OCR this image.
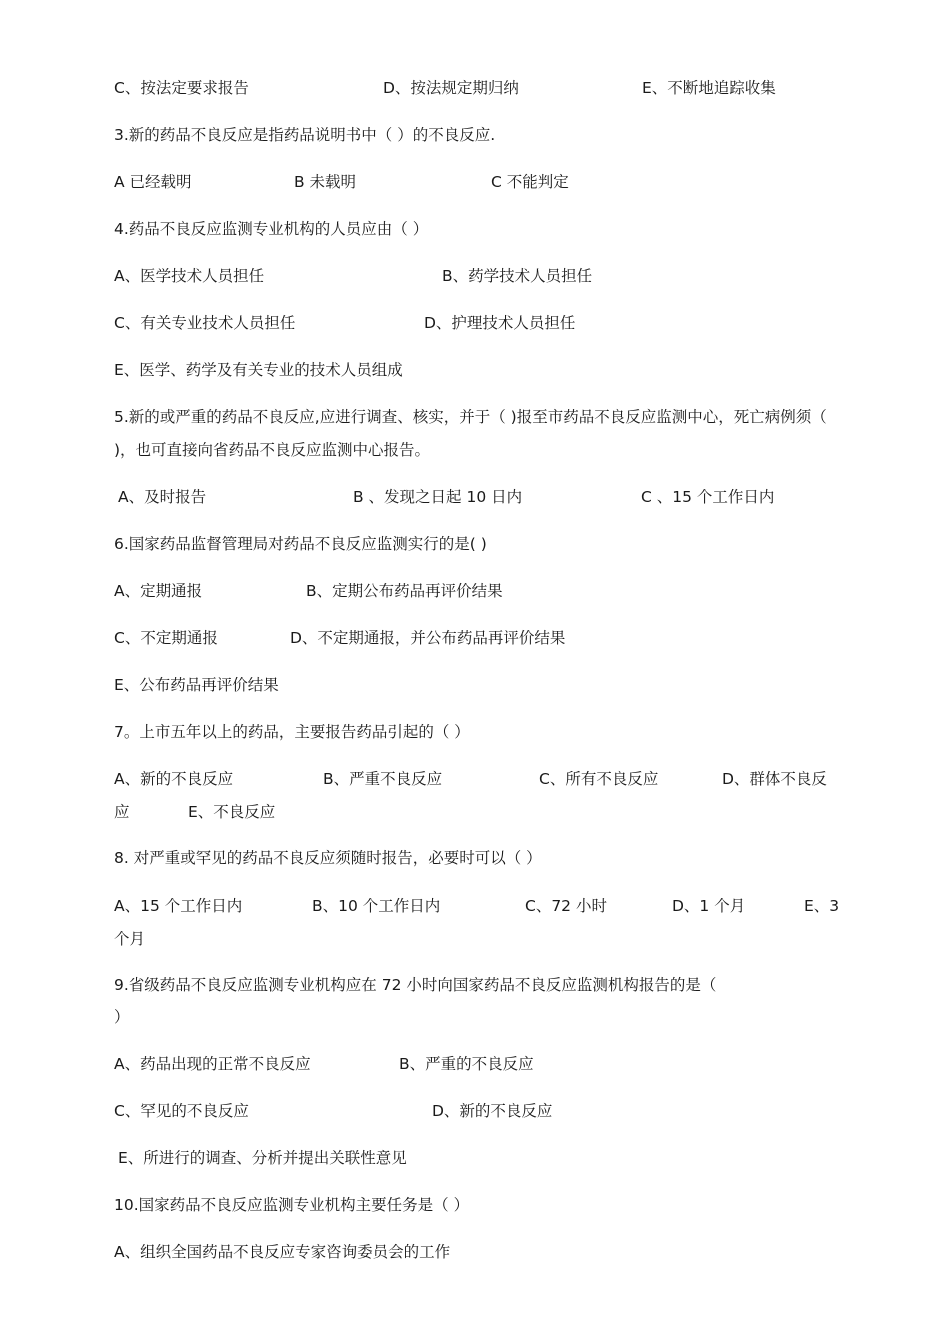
C、按法定要求报告	D、按法规定期归纳	E、不断地追踪收集
3.新的药品不良反应是指药品说明书中（ ）的不良反应.
A 已经载明	B 未载明	C 不能判定
4.药品不良反应监测专业机构的人员应由（ ）
A、医学技术人员担任	B、药学技术人员担任
C、有关专业技术人员担任	D、护理技术人员担任
E、医学、药学及有关专业的技术人员组成
5.新的或严重的药品不良反应,应进行调查、核实，并于（ )报至市药品不良反应监测中心，死亡病例须（ )，也可直接向省药品不良反应监测中心报告。
A、及时报告	B 、发现之日起 10 日内	C 、15 个工作日内
6.国家药品监督管理局对药品不良反应监测实行的是( )
A、定期通报	B、定期公布药品再评价结果
C、不定期通报	D、不定期通报，并公布药品再评价结果
E、公布药品再评价结果
7。上市五年以上的药品，主要报告药品引起的（ ）
A、新的不良反应	B、严重不良反应	C、所有不良反应	D、群体不良反
应	E、不良反应
8. 对严重或罕见的药品不良反应须随时报告，必要时可以（ ）
A、15 个工作日内	B、10 个工作日内	C、72 小时	D、1 个月	E、3
个月
9.省级药品不良反应监测专业机构应在 72 小时向国家药品不良反应监测机构报告的是（
）
A、药品出现的正常不良反应	B、严重的不良反应
C、罕见的不良反应	D、新的不良反应
E、所进行的调查、分析并提出关联性意见
10.国家药品不良反应监测专业机构主要任务是（ ）
A、组织全国药品不良反应专家咨询委员会的工作
